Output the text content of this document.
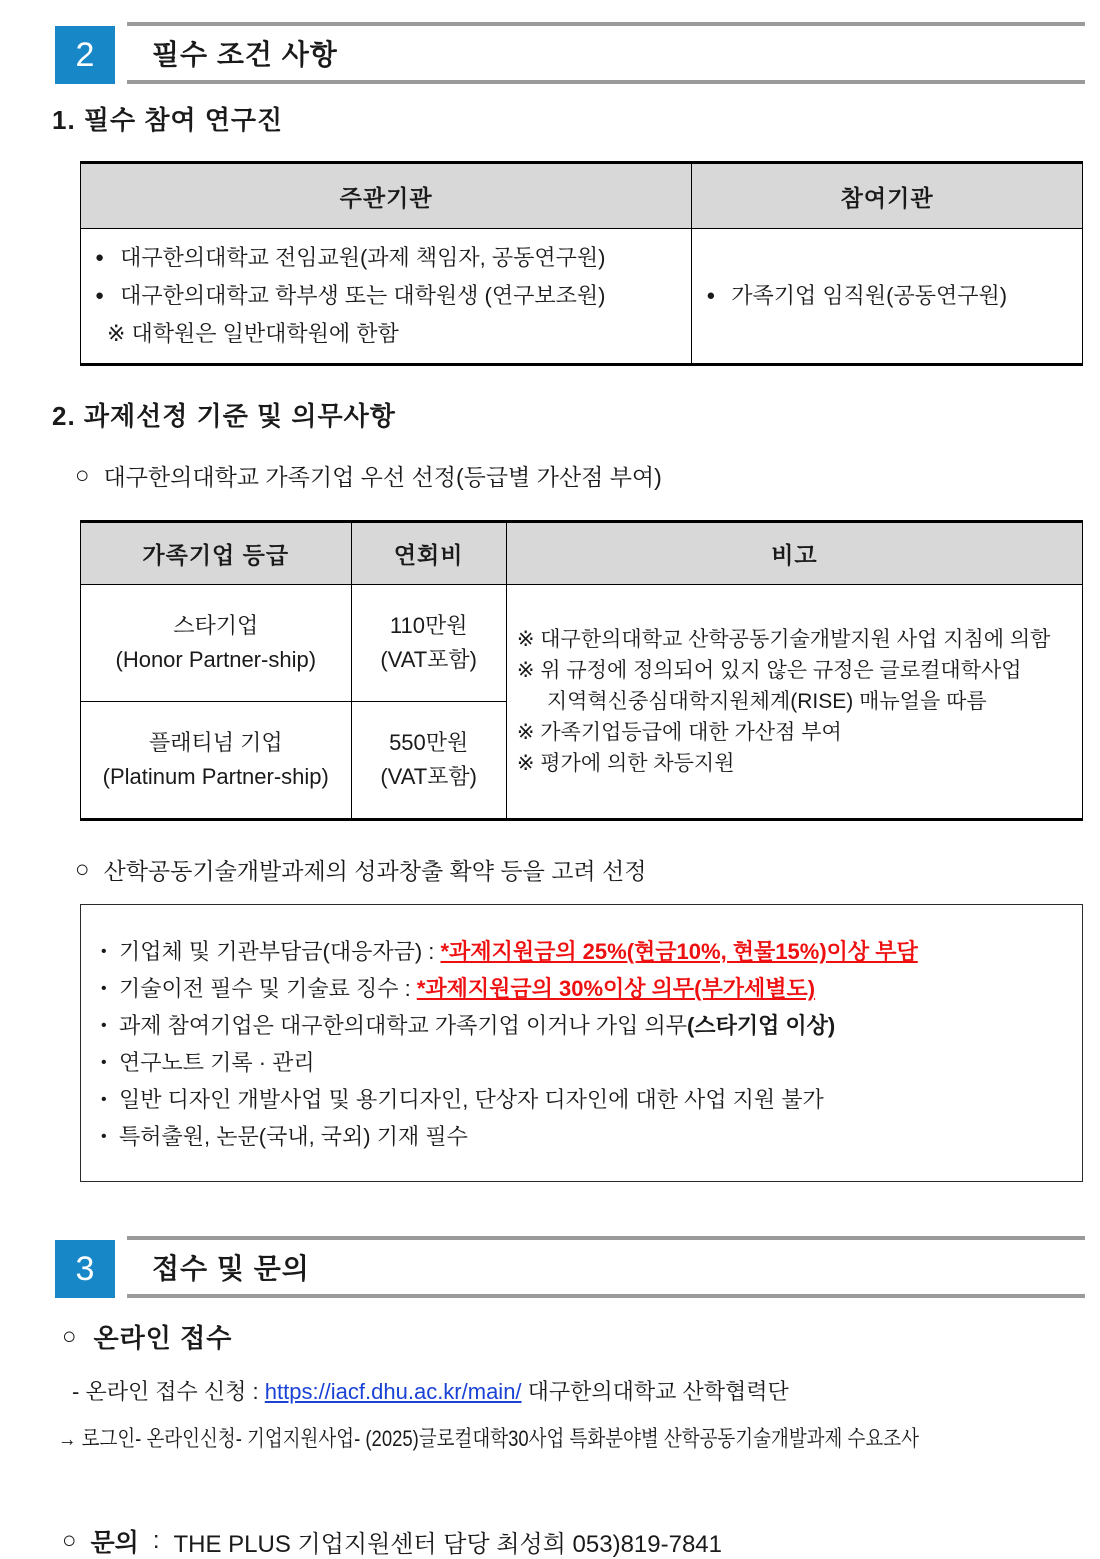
2	필수 조건 사항
1. 필수 참여 연구진
주관기관	참여기관

● 대구한의대학교 전임교원(과제 책임자, 공동연구원)
● 대구한의대학교 학부생 또는 대학원생 (연구보조원)
※ 대학원은 일반대학원에 한함

● 가족기업 임직원(공동연구원)
2. 과제선정 기준 및 의무사항
○ 대구한의대학교 가족기업 우선 선정(등급별 가산점 부여)
가족기업 등급	연회비	비고

스타기업
(Honor Partner-ship)

110만원
(VAT포함)

※ 대구한의대학교 산학공동기술개발지원 사업 지침에 의함
※ 위 규정에 정의되어 있지 않은 규정은 글로컬대학사업
지역혁신중심대학지원체계(RISE) 매뉴얼을 따름
※ 가족기업등급에 대한 가산점 부여
※ 평가에 의한 차등지원

플래티넘 기업
(Platinum Partner-ship)

550만원
(VAT포함)
○ 산학공동기술개발과제의 성과창출 확약 등을 고려 선정
• 기업체 및 기관부담금(대응자금) : *과제지원금의 25%(현금10%, 현물15%)이상 부담
• 기술이전 필수 및 기술료 징수 : *과제지원금의 30%이상 의무(부가세별도)
• 과제 참여기업은 대구한의대학교 가족기업 이거나 가입 의무(스타기업 이상)
• 연구노트 기록 · 관리
• 일반 디자인 개발사업 및 용기디자인, 단상자 디자인에 대한 사업 지원 불가
• 특허출원, 논문(국내, 국외) 기재 필수
3	접수 및 문의
○ 온라인 접수
- 온라인 접수 신청 : https://iacf.dhu.ac.kr/main/ 대구한의대학교 산학협력단
→ 로그인- 온라인신청- 기업지원사업- (2025)글로컬대학30사업 특화분야별 산학공동기술개발과제 수요조사
○ 문의 : THE PLUS 기업지원센터 담당 최성희 053)819-7841
